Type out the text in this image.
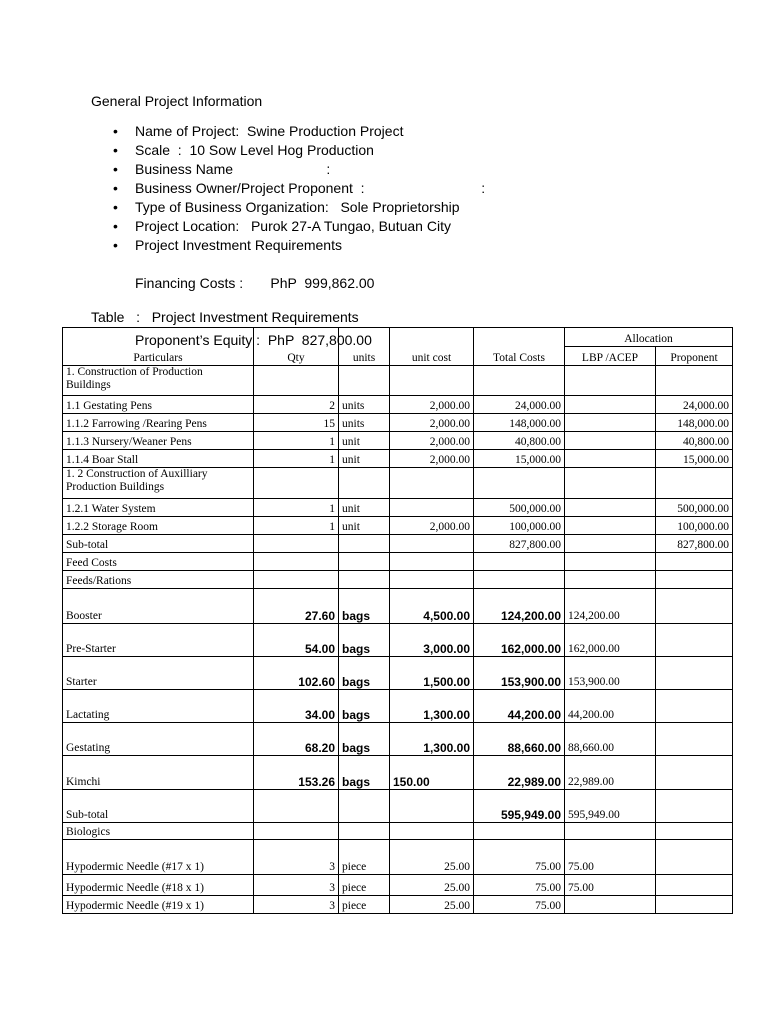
General Project Information
• Name of Project:  Swine Production Project
• Scale  :  10 Sow Level Hog Production
• Business Name                        :
• Business Owner/Project Proponent  :                              :
• Type of Business Organization:   Sole Proprietorship
• Project Location:   Purok 27-A Tungao, Butuan City
• Project Investment Requirements

Financing Costs :       PhP  999,862.00

Proponent’s Equity :  PhP  827,800.00

Table   :   Project Investment Requirements
Particulars	Qty	units	unit cost	Total Costs	Allocation	
					LBP /ACEP	Proponent
1. Construction of Production Buildings						
1.1 Gestating Pens	2	units	2,000.00	24,000.00		24,000.00
1.1.2 Farrowing /Rearing Pens	15	units	2,000.00	148,000.00		148,000.00
1.1.3 Nursery/Weaner Pens	1	unit	2,000.00	40,800.00		40,800.00
1.1.4 Boar Stall	1	unit	2,000.00	15,000.00		15,000.00
1. 2 Construction of Auxilliary Production Buildings						
1.2.1 Water System	1	unit		500,000.00		500,000.00
1.2.2 Storage Room	1	unit	2,000.00	100,000.00		100,000.00
Sub-total				827,800.00		827,800.00
Feed Costs						
Feeds/Rations						
Booster	27.60	bags	4,500.00	124,200.00	124,200.00	
Pre-Starter	54.00	bags	3,000.00	162,000.00	162,000.00	
Starter	102.60	bags	1,500.00	153,900.00	153,900.00	
Lactating	34.00	bags	1,300.00	44,200.00	44,200.00	
Gestating	68.20	bags	1,300.00	88,660.00	88,660.00	
Kimchi	153.26	bags	150.00	22,989.00	22,989.00	
Sub-total				595,949.00	595,949.00	
Biologics						
Hypodermic Needle (#17 x 1)	3	piece	25.00	75.00	75.00	
Hypodermic Needle (#18 x 1)	3	piece	25.00	75.00	75.00	
Hypodermic Needle (#19 x 1)	3	piece	25.00	75.00		
